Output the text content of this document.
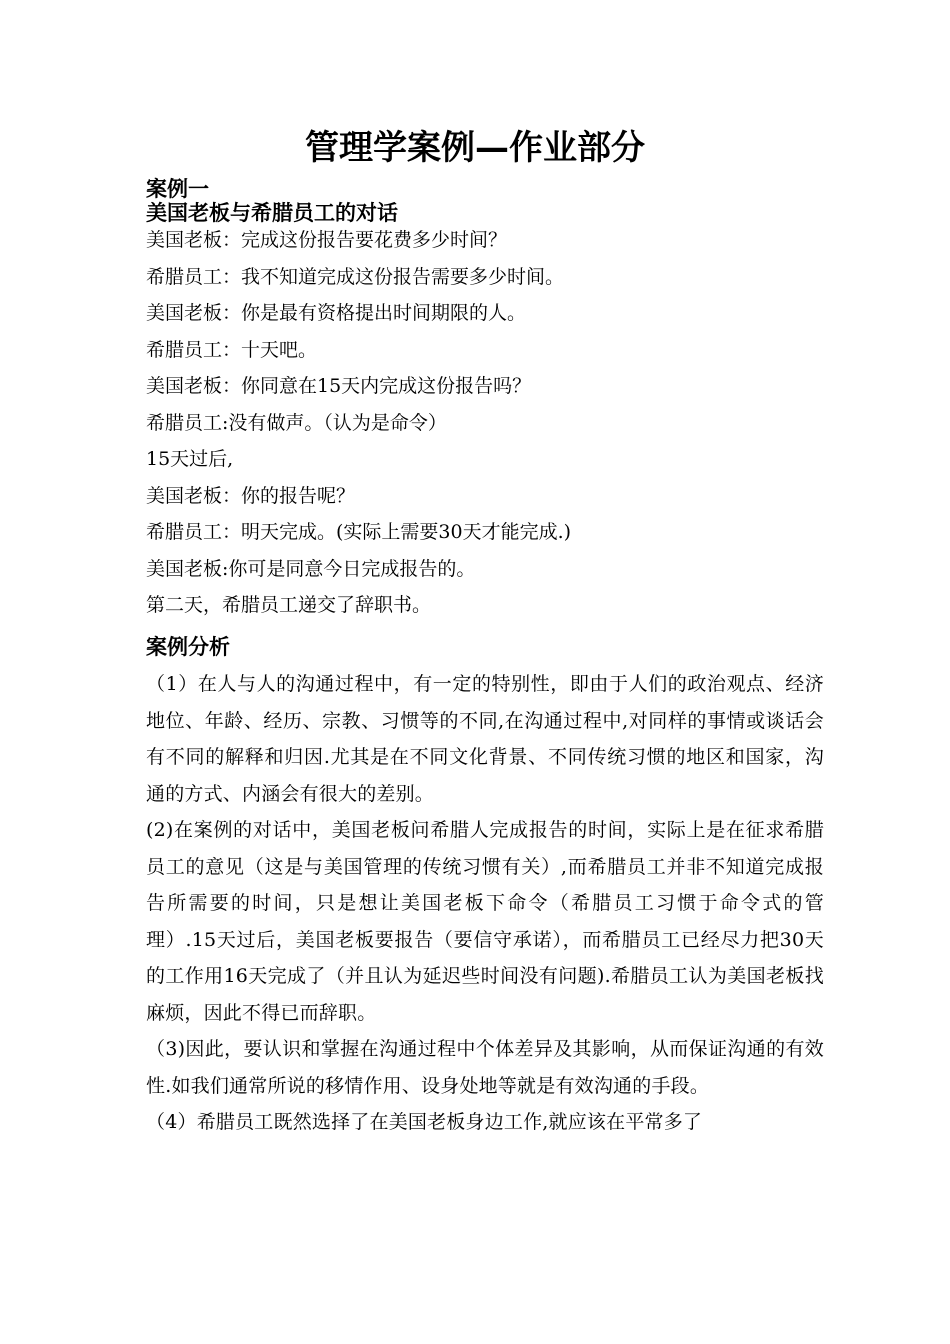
管理学案例—作业部分
案例一
美国老板与希腊员工的对话
美国老板：完成这份报告要花费多少时间？
希腊员工：我不知道完成这份报告需要多少时间。
美国老板：你是最有资格提出时间期限的人。
希腊员工：十天吧。
美国老板：你同意在15天内完成这份报告吗？
希腊员工:没有做声。（认为是命令）
15天过后,
美国老板：你的报告呢？
希腊员工：明天完成。(实际上需要30天才能完成.)
美国老板:你可是同意今日完成报告的。
第二天，希腊员工递交了辞职书。
案例分析

（1）在人与人的沟通过程中，有一定的特别性，即由于人们的政治观点、经济地位、年龄、经历、宗教、习惯等的不同,在沟通过程中,对同样的事情或谈话会有不同的解释和归因.尤其是在不同文化背景、不同传统习惯的地区和国家，沟通的方式、内涵会有很大的差别。

(2)在案例的对话中，美国老板问希腊人完成报告的时间，实际上是在征求希腊员工的意见（这是与美国管理的传统习惯有关）,而希腊员工并非不知道完成报告所需要的时间，只是想让美国老板下命令（希腊员工习惯于命令式的管理）.15天过后，美国老板要报告（要信守承诺），而希腊员工已经尽力把30天的工作用16天完成了（并且认为延迟些时间没有问题).希腊员工认为美国老板找麻烦，因此不得已而辞职。

（3)因此，要认识和掌握在沟通过程中个体差异及其影响，从而保证沟通的有效性.如我们通常所说的移情作用、设身处地等就是有效沟通的手段。

（4）希腊员工既然选择了在美国老板身边工作,就应该在平常多了
